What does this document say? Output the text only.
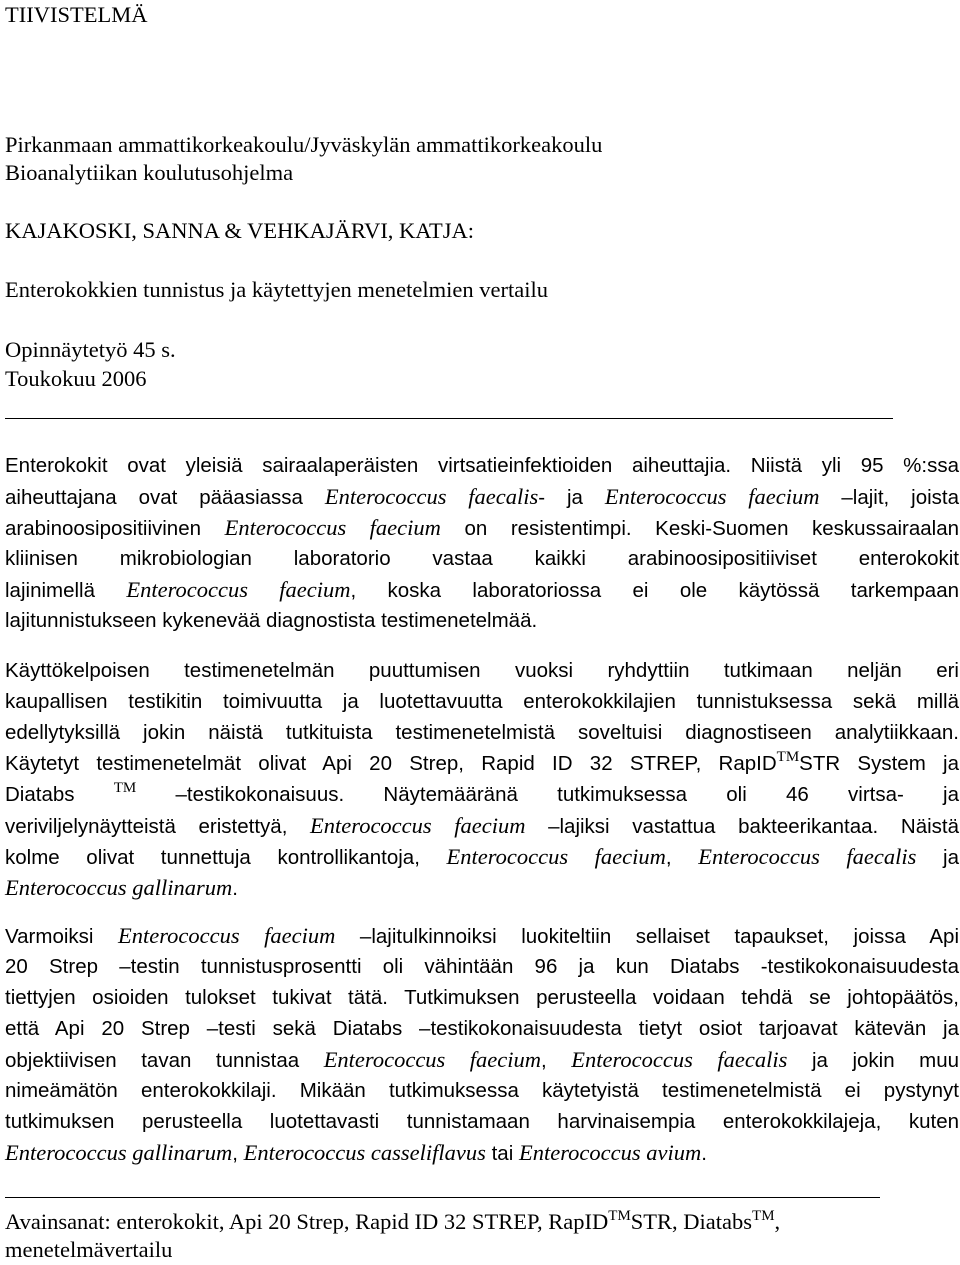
TIIVISTELMÄ
Pirkanmaan ammattikorkeakoulu/Jyväskylän ammattikorkeakoulu
Bioanalytiikan koulutusohjelma
KAJAKOSKI, SANNA & VEHKAJÄRVI, KATJA:
Enterokokkien tunnistus ja käytettyjen menetelmien vertailu
Opinnäytetyö 45 s.
Toukokuu 2006
Enterokokit ovat yleisiä sairaalaperäisten virtsatieinfektioiden aiheuttajia. Niistä yli 95 %:ssa
aiheuttajana ovat pääasiassa Enterococcus faecalis- ja Enterococcus faecium –lajit, joista
arabinoosipositiivinen Enterococcus faecium on resistentimpi. Keski-Suomen keskussairaalan
kliinisen mikrobiologian laboratorio vastaa kaikki arabinoosipositiiviset enterokokit
lajinimellä Enterococcus faecium, koska laboratoriossa ei ole käytössä tarkempaan
lajitunnistukseen kykenevää diagnostista testimenetelmää.
Käyttökelpoisen testimenetelmän puuttumisen vuoksi ryhdyttiin tutkimaan neljän eri
kaupallisen testikitin toimivuutta ja luotettavuutta enterokokkilajien tunnistuksessa sekä millä
edellytyksillä jokin näistä tutkituista testimenetelmistä soveltuisi diagnostiseen analytiikkaan.
Käytetyt testimenetelmät olivat Api 20 Strep, Rapid ID 32 STREP, RapID™STR System ja
Diatabs	™ –testikokonaisuus. Näytemääränä tutkimuksessa oli 46 virtsa- ja
veriviljelynäytteistä eristettyä, Enterococcus faecium –lajiksi vastattua bakteerikantaa. Näistä
kolme olivat tunnettuja kontrollikantoja, Enterococcus faecium, Enterococcus faecalis ja
Enterococcus gallinarum.
Varmoiksi Enterococcus faecium –lajitulkinnoiksi luokiteltiin sellaiset tapaukset, joissa Api
20 Strep –testin tunnistusprosentti oli vähintään 96 ja kun Diatabs -testikokonaisuudesta
tiettyjen osioiden tulokset tukivat tätä. Tutkimuksen perusteella voidaan tehdä se johtopäätös,
että Api 20 Strep –testi sekä Diatabs –testikokonaisuudesta tietyt osiot tarjoavat kätevän ja
objektiivisen tavan tunnistaa Enterococcus faecium, Enterococcus faecalis ja jokin muu
nimeämätön enterokokkilaji. Mikään tutkimuksessa käytetyistä testimenetelmistä ei pystynyt
tutkimuksen perusteella luotettavasti tunnistamaan harvinaisempia enterokokkilajeja, kuten
Enterococcus gallinarum, Enterococcus casseliflavus tai Enterococcus avium.
Avainsanat: enterokokit, Api 20 Strep, Rapid ID 32 STREP, RapID™STR, Diatabs™,
menetelmävertailu
